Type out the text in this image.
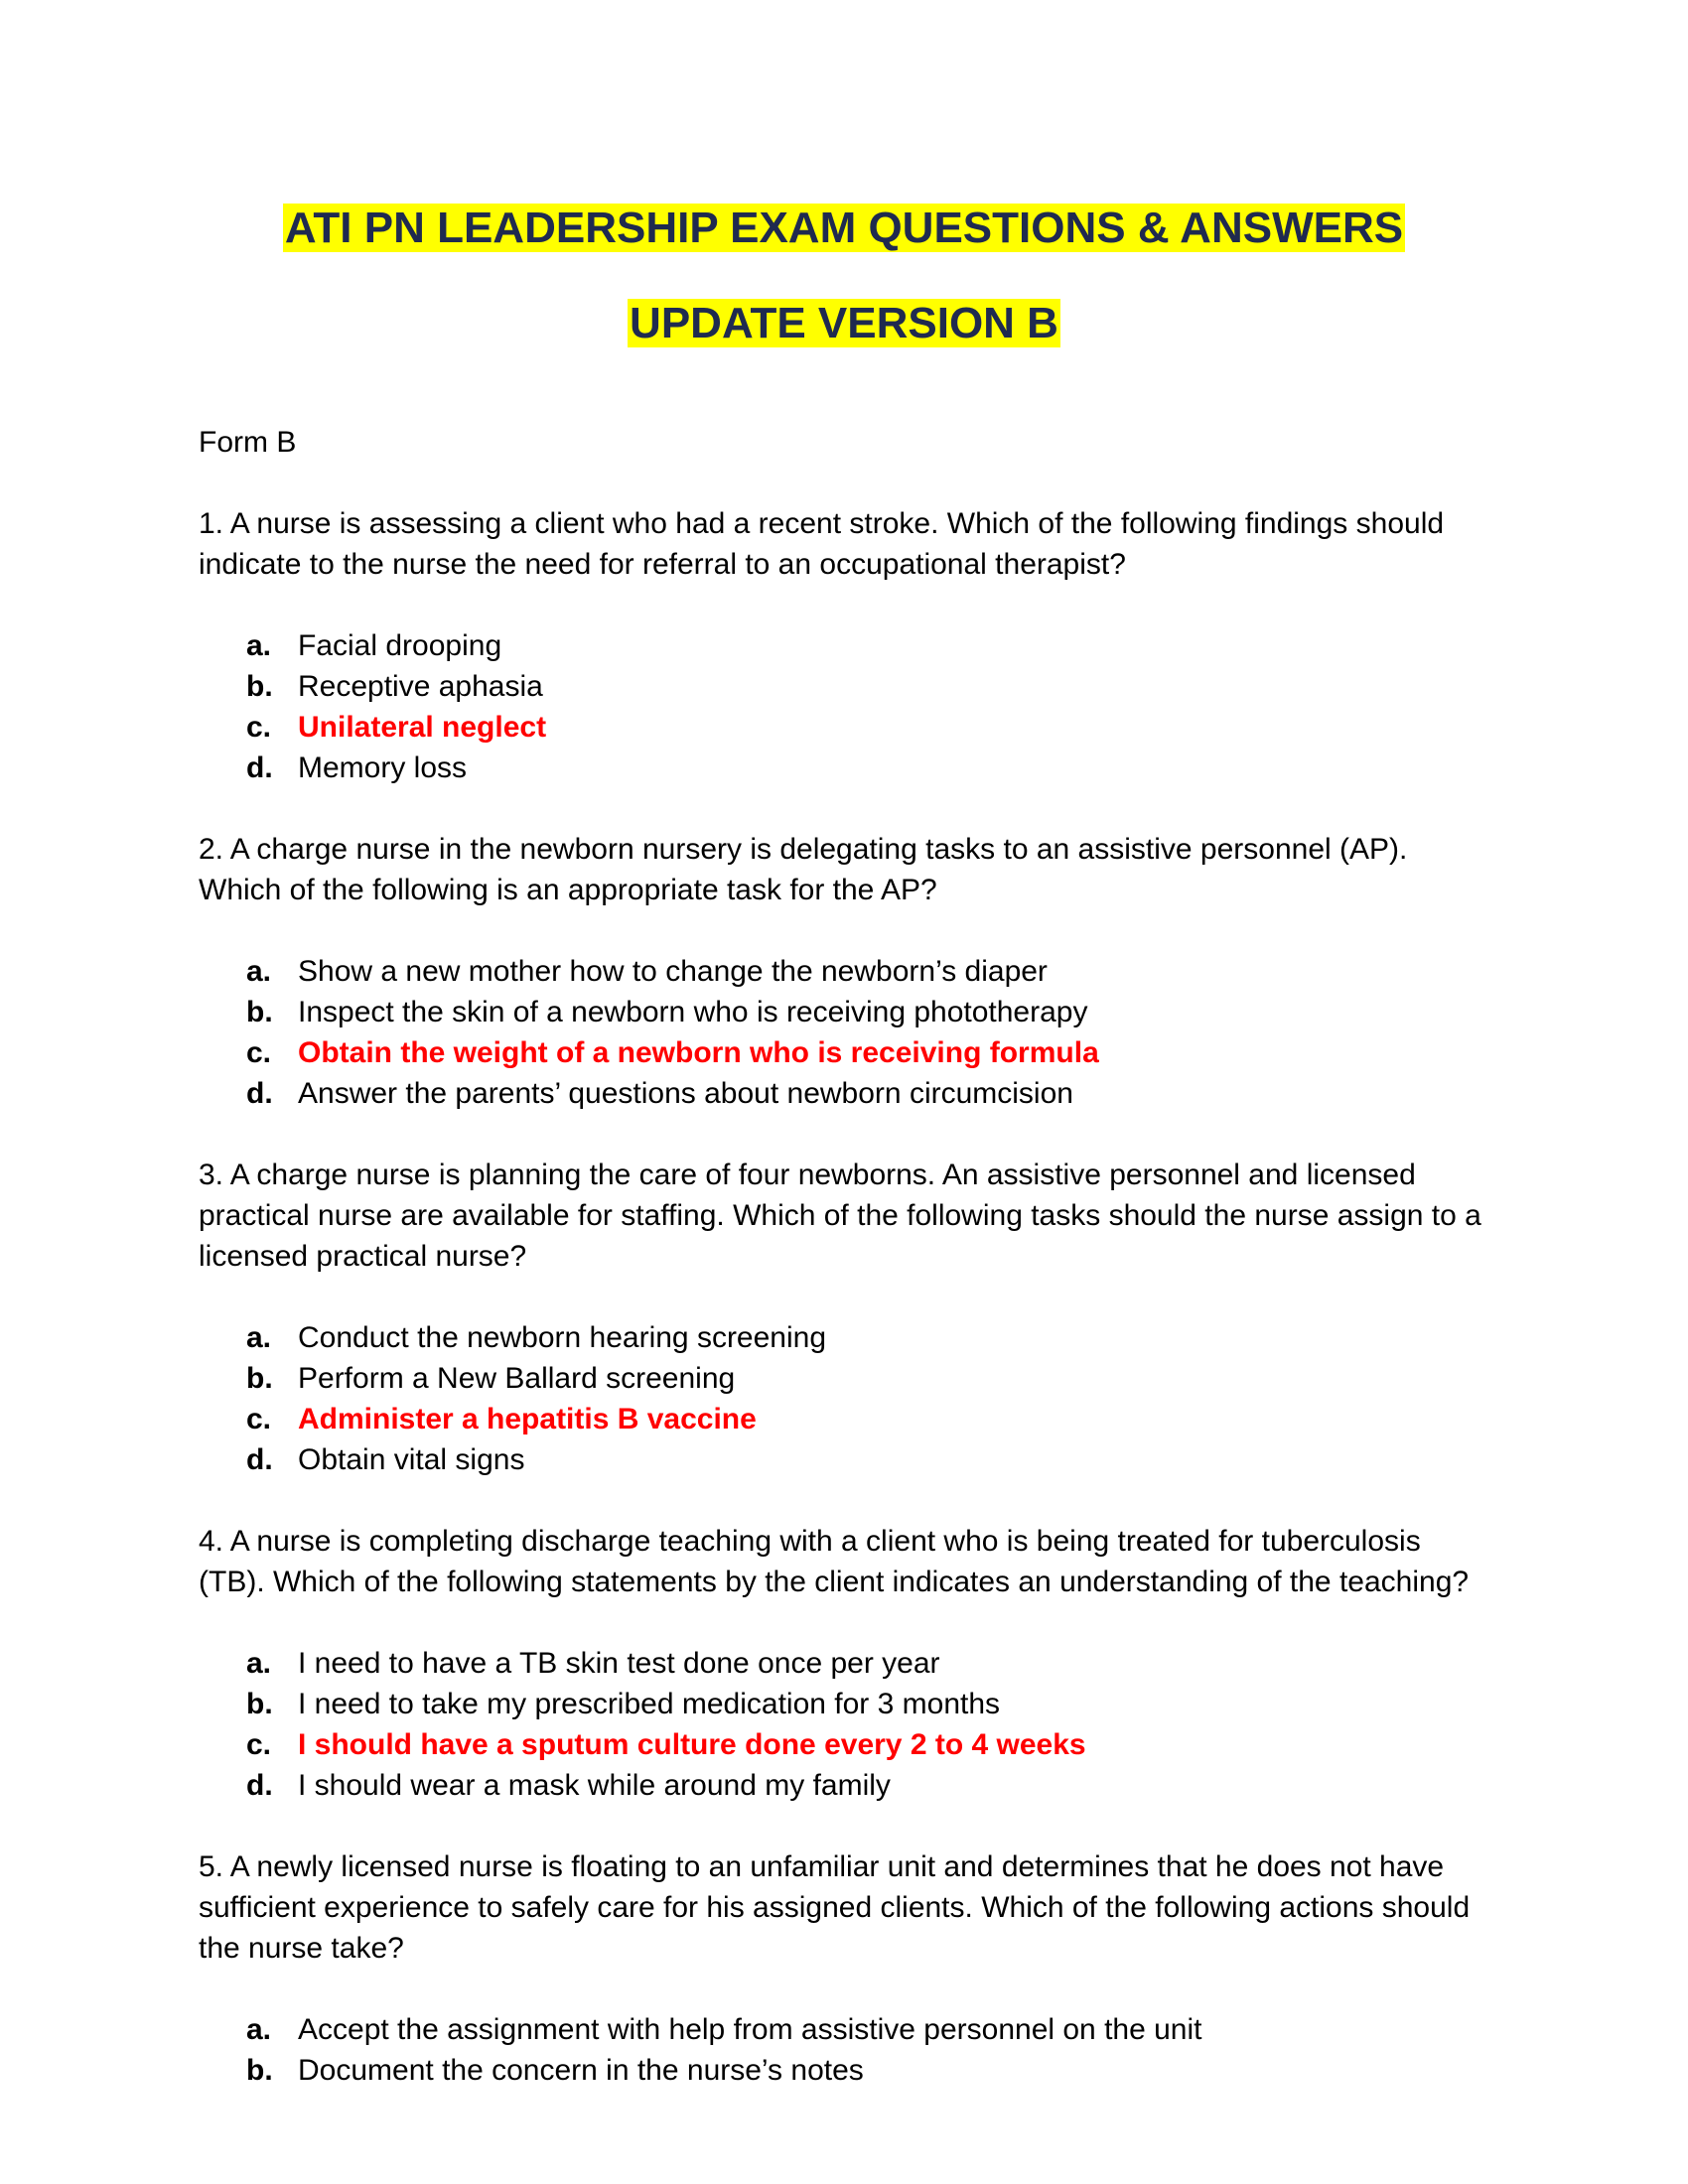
ATI PN LEADERSHIP EXAM QUESTIONS & ANSWERS
UPDATE VERSION B
Form B
1. A nurse is assessing a client who had a recent stroke. Which of the following findings should indicate to the nurse the need for referral to an occupational therapist?
a. Facial drooping
b. Receptive aphasia
c. Unilateral neglect
d. Memory loss
2. A charge nurse in the newborn nursery is delegating tasks to an assistive personnel (AP). Which of the following is an appropriate task for the AP?
a. Show a new mother how to change the newborn’s diaper
b. Inspect the skin of a newborn who is receiving phototherapy
c. Obtain the weight of a newborn who is receiving formula
d. Answer the parents’ questions about newborn circumcision
3. A charge nurse is planning the care of four newborns. An assistive personnel and licensed practical nurse are available for staffing. Which of the following tasks should the nurse assign to a licensed practical nurse?
a. Conduct the newborn hearing screening
b. Perform a New Ballard screening
c. Administer a hepatitis B vaccine
d. Obtain vital signs
4. A nurse is completing discharge teaching with a client who is being treated for tuberculosis (TB). Which of the following statements by the client indicates an understanding of the teaching?
a. I need to have a TB skin test done once per year
b. I need to take my prescribed medication for 3 months
c. I should have a sputum culture done every 2 to 4 weeks
d. I should wear a mask while around my family
5. A newly licensed nurse is floating to an unfamiliar unit and determines that he does not have sufficient experience to safely care for his assigned clients. Which of the following actions should the nurse take?
a. Accept the assignment with help from assistive personnel on the unit
b. Document the concern in the nurse’s notes
